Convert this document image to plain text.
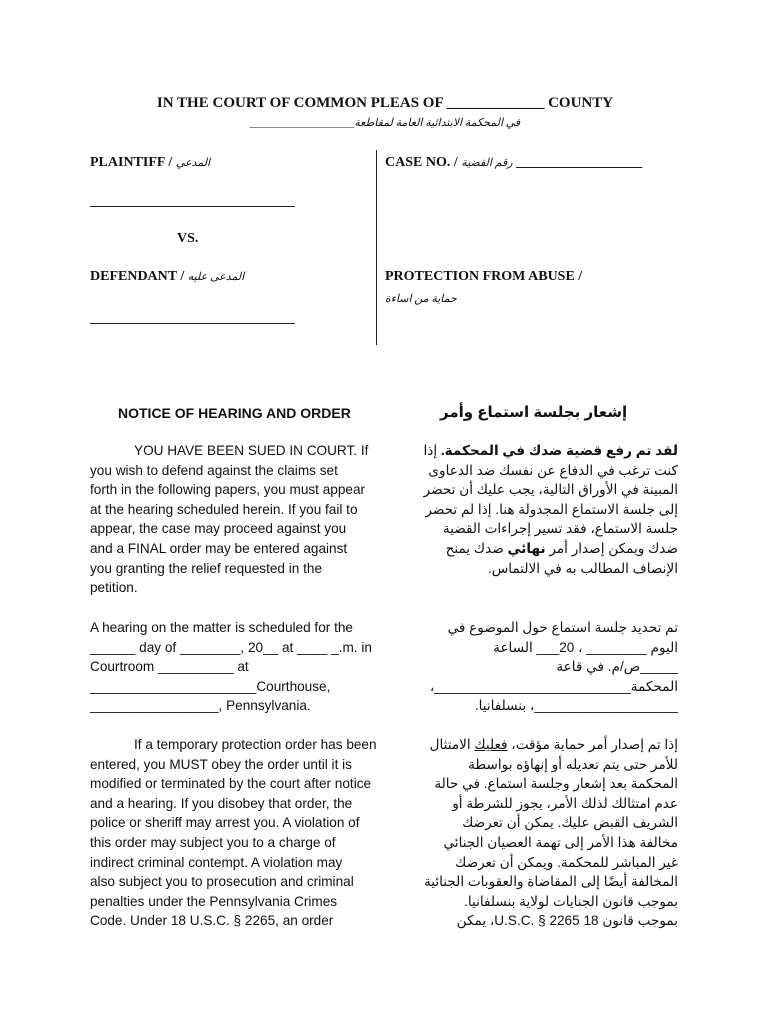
IN THE COURT OF COMMON PLEAS OF _____________ COUNTY
في المحكمة الابتدائية العامة لمقاطعة___________________
PLAINTIFF / المدعي
VS.
DEFENDANT / المدعى عليه
CASE NO. / رقم القضية __________________
PROTECTION FROM ABUSE /
حماية من اساءة
NOTICE OF HEARING AND ORDER	إشعار بجلسة استماع وأمر

YOU HAVE BEEN SUED IN COURT. If

you wish to defend against the claims set

forth in the following papers, you must appear

at the hearing scheduled herein. If you fail to

appear, the case may proceed against you

and a FINAL order may be entered against

you granting the relief requested in the

petition.

لقد تم رفع قضية ضدك في المحكمة. إذا

كنت ترغب في الدفاع عن نفسك ضد الدعاوى

المبينة في الأوراق التالية، يجب عليك أن تحضر

إلى جلسة الاستماع المجدولة هنا. إذا لم تحضر

جلسة الاستماع، فقد تسير إجراءات القضية

ضدك ويمكن إصدار أمر نهائي ضدك يمنح

الإنصاف المطالب به في الالتماس.

A hearing on the matter is scheduled for the

______ day of ________, 20__ at ____ _.m. in

Courtroom __________ at

______________________Courthouse,

_________________, Pennsylvania.

تم تحديد جلسة استماع حول الموضوع في

اليوم ________ ، 20___ الساعة

_____ص/م. في قاعة

المحكمة__________________________،

___________________، بنسلفانيا.

If a temporary protection order has been

entered, you MUST obey the order until it is

modified or terminated by the court after notice

and a hearing. If you disobey that order, the

police or sheriff may arrest you. A violation of

this order may subject you to a charge of

indirect criminal contempt. A violation may

also subject you to prosecution and criminal

penalties under the Pennsylvania Crimes

Code. Under 18 U.S.C. § 2265, an order

إذا تم إصدار أمر حماية مؤقت، فعليك الامتثال

للأمر حتى يتم تعديله أو إنهاؤه بواسطة

المحكمة بعد إشعار وجلسة استماع. في حالة

عدم امتثالك لذلك الأمر، يجوز للشرطة أو

الشريف القبض عليك. يمكن أن تعرضك

مخالفة هذا الأمر إلى تهمة العصيان الجنائي

غير المباشر للمحكمة. ويمكن أن تعرضك

المخالفة أيضًا إلى المقاضاة والعقوبات الجنائية

بموجب قانون الجنايات لولاية بنسلفانيا.

بموجب قانون 18 U.S.C. § 2265، يمكن
